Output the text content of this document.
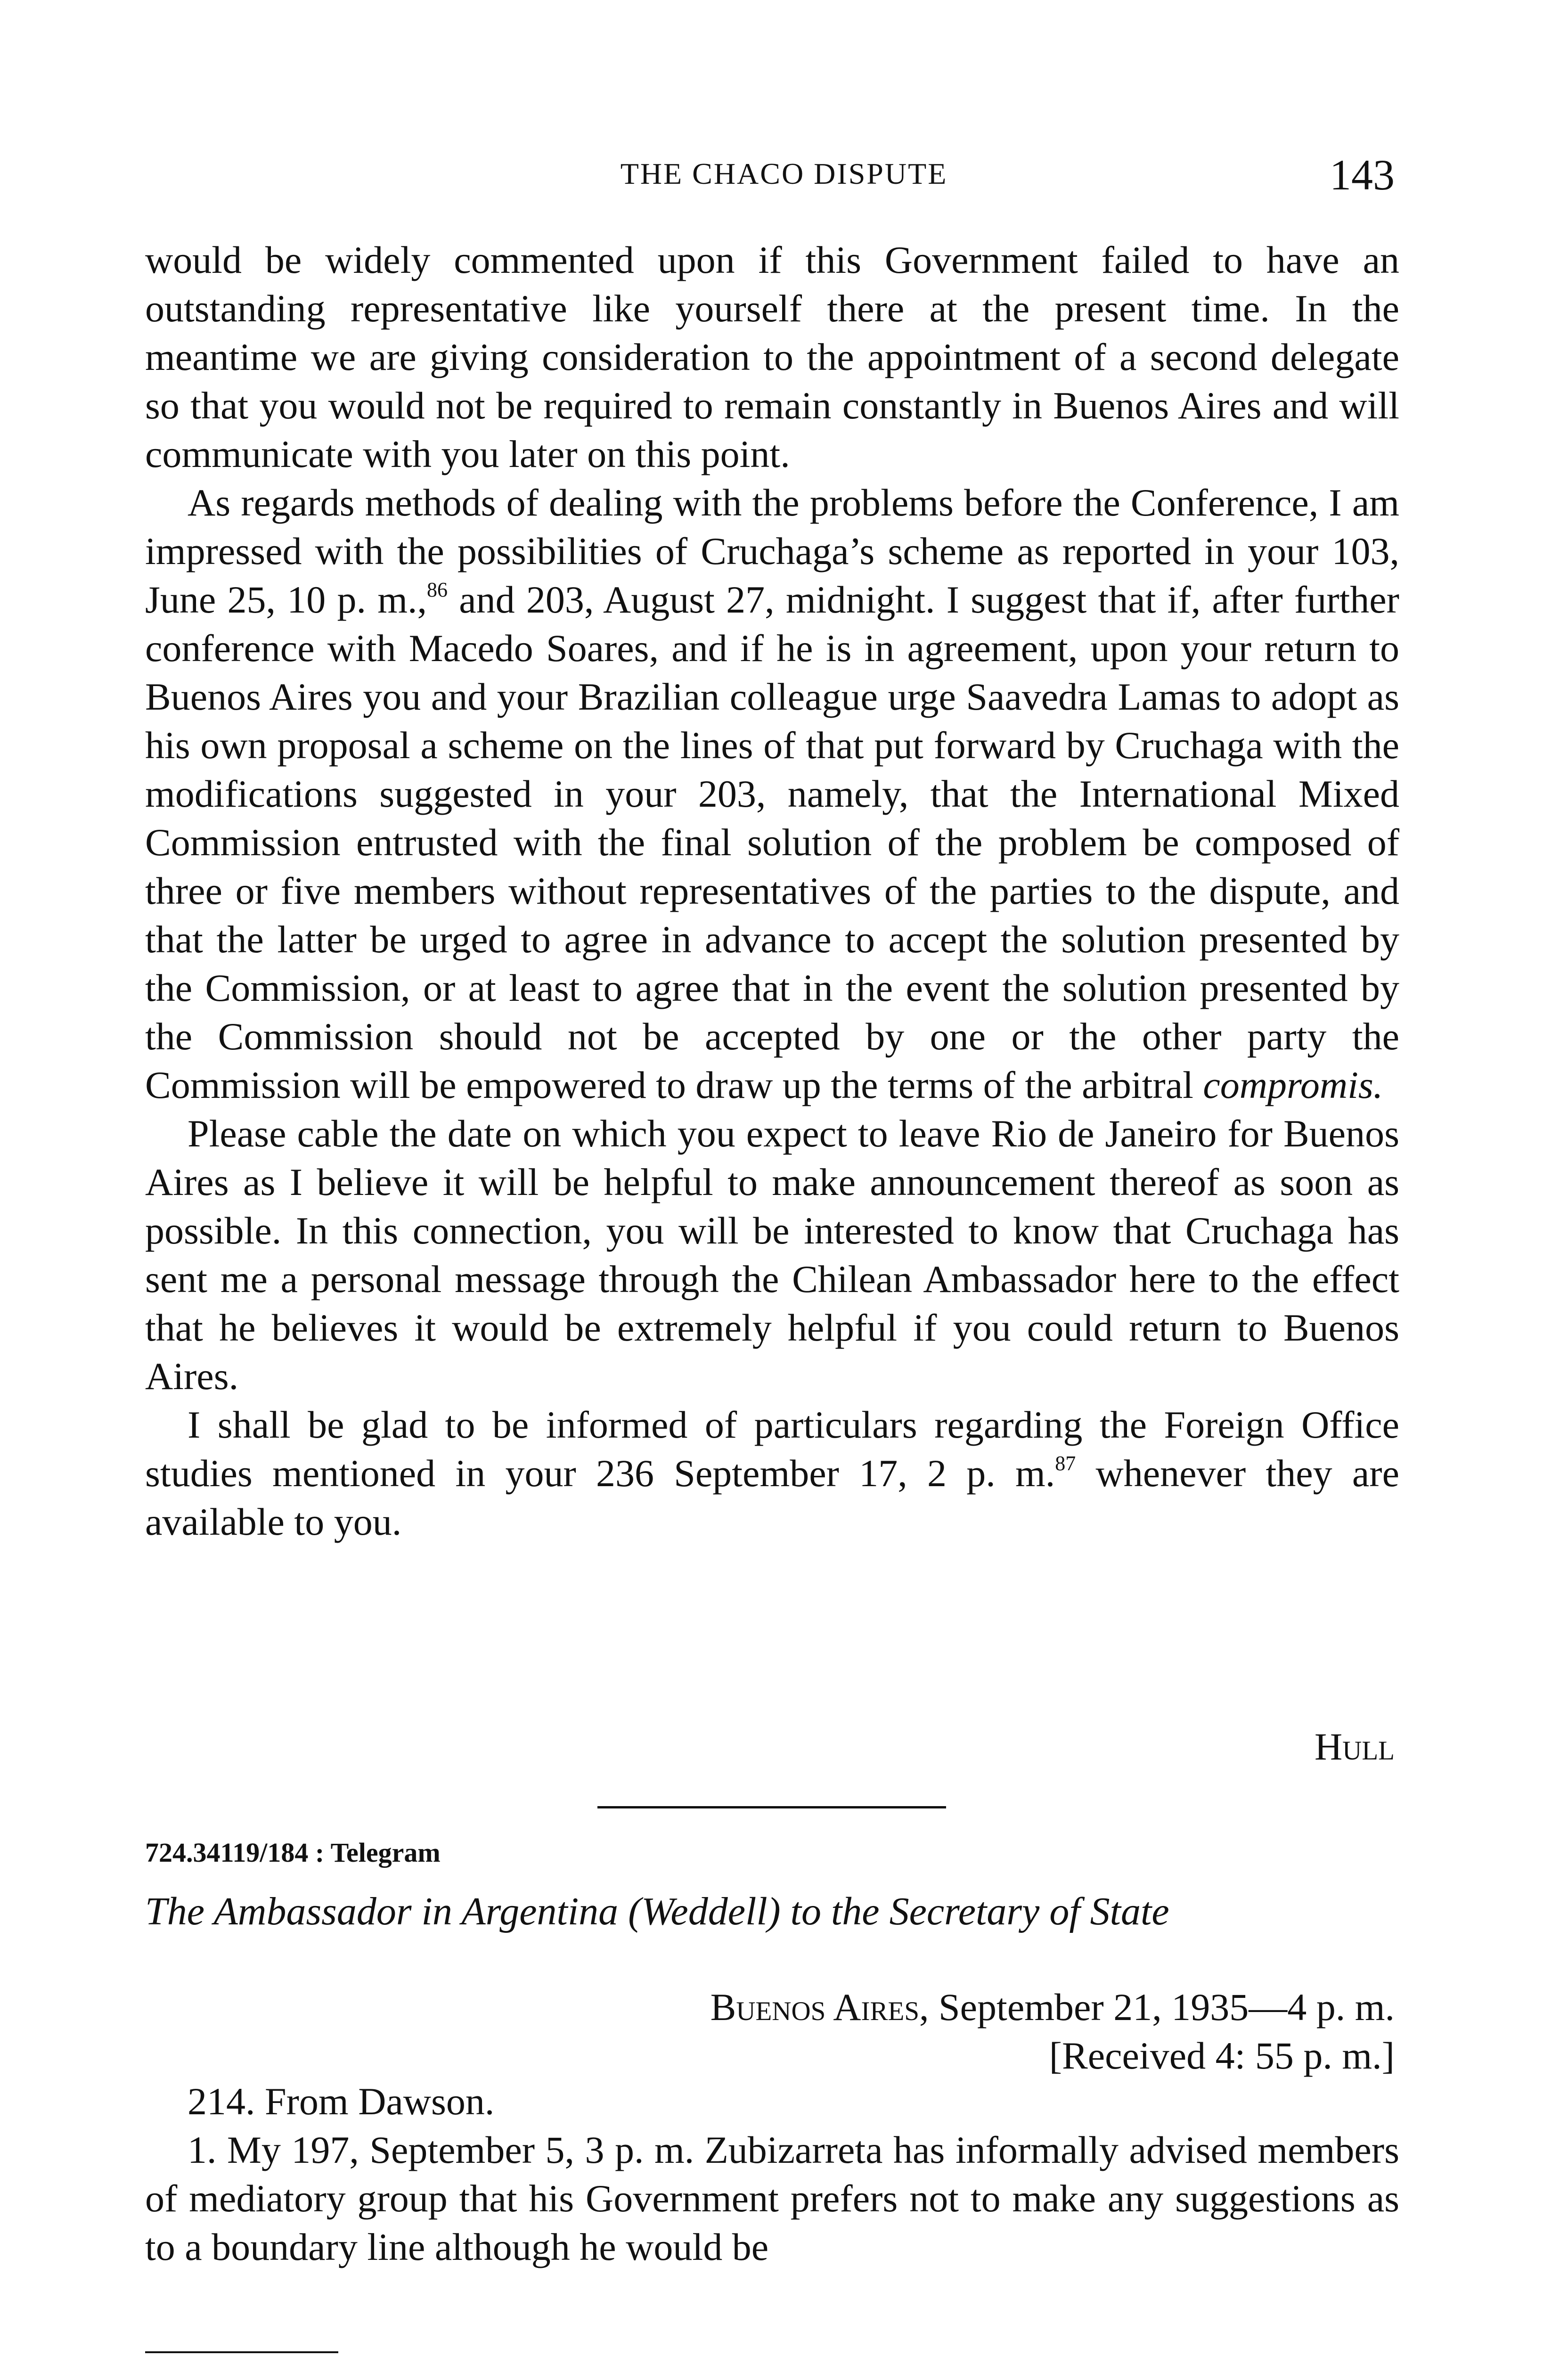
THE CHACO DISPUTE	143

would be widely commented upon if this Government failed to have an outstanding representative like yourself there at the present time. In the meantime we are giving consideration to the appointment of a second delegate so that you would not be required to remain constantly in Buenos Aires and will communicate with you later on this point.

As regards methods of dealing with the problems before the Conference, I am impressed with the possibilities of Cruchaga’s scheme as reported in your 103, June 25, 10 p. m.,$^{86}$ and 203, August 27, midnight. I suggest that if, after further conference with Macedo Soares, and if he is in agreement, upon your return to Buenos Aires you and your Brazilian colleague urge Saavedra Lamas to adopt as his own proposal a scheme on the lines of that put forward by Cruchaga with the modifications suggested in your 203, namely, that the International Mixed Commission entrusted with the final solution of the problem be composed of three or five members without representatives of the parties to the dispute, and that the latter be urged to agree in advance to accept the solution presented by the Commission, or at least to agree that in the event the solution presented by the Commission should not be accepted by one or the other party the Commission will be empowered to draw up the terms of the arbitral compromis.

Please cable the date on which you expect to leave Rio de Janeiro for Buenos Aires as I believe it will be helpful to make announcement thereof as soon as possible. In this connection, you will be interested to know that Cruchaga has sent me a personal message through the Chilean Ambassador here to the effect that he believes it would be extremely helpful if you could return to Buenos Aires.

I shall be glad to be informed of particulars regarding the Foreign Office studies mentioned in your 236 September 17, 2 p. m.$^{87}$ whenever they are available to you.

Hull
724.34119/184 : Telegram
The Ambassador in Argentina (Weddell) to the Secretary of State
Buenos Aires, September 21, 1935—4 p. m.
[Received 4: 55 p. m.]

214. From Dawson.

1. My 197, September 5, 3 p. m. Zubizarreta has informally advised members of mediatory group that his Government prefers not to make any suggestions as to a boundary line although he would be
